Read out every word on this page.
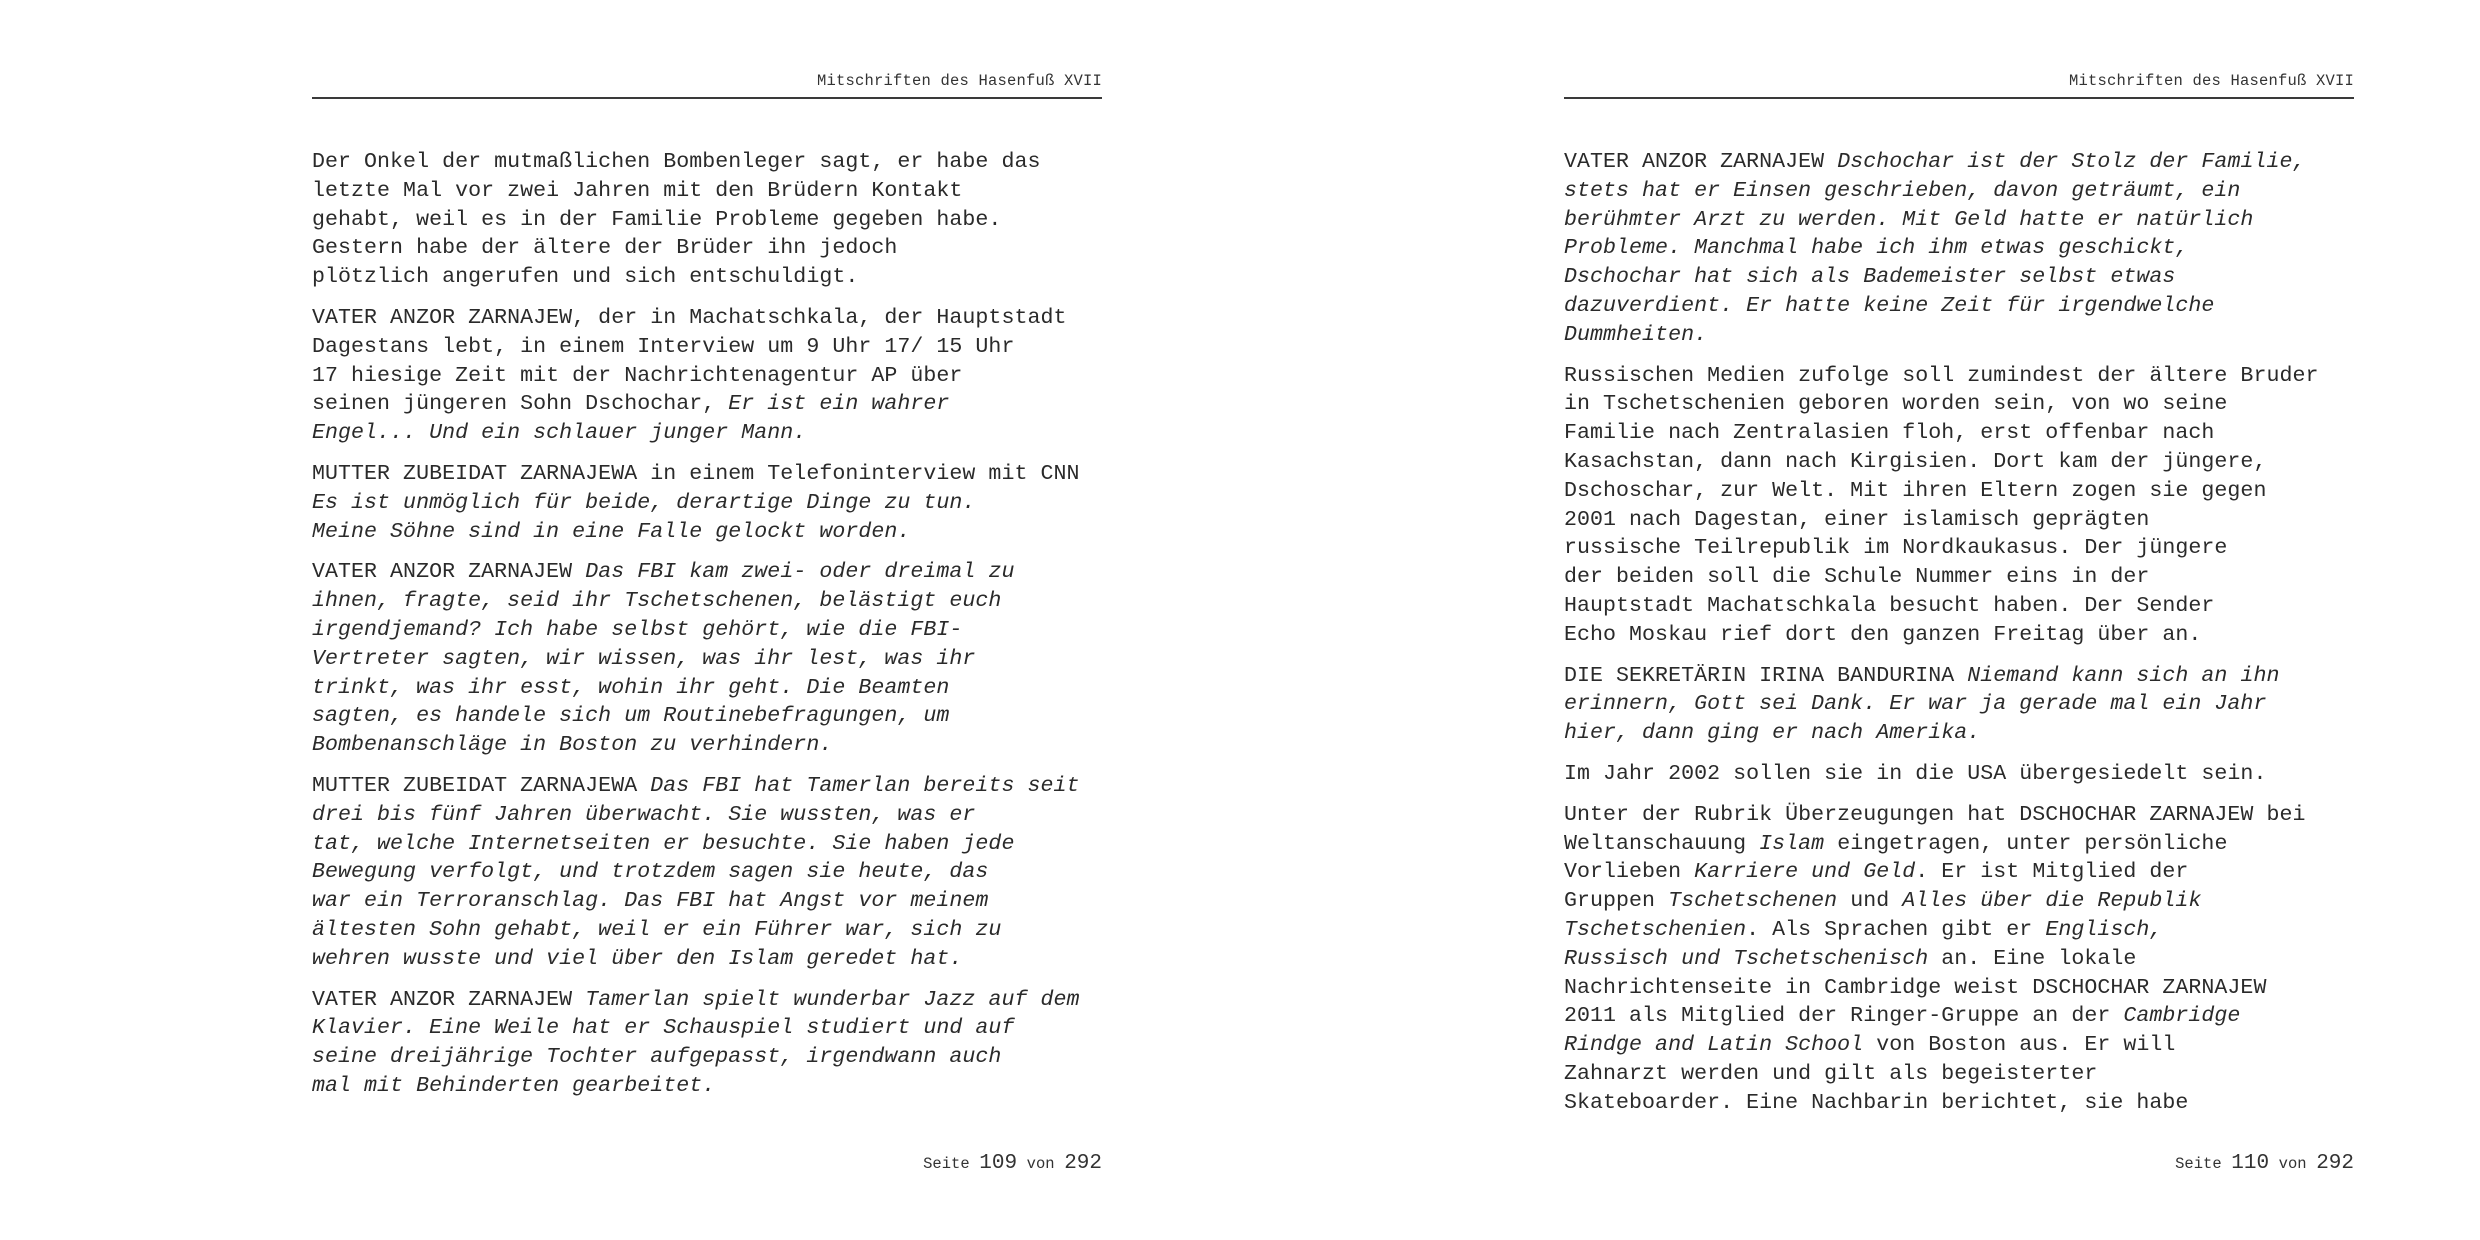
Mitschriften des Hasenfuß XVII
Der Onkel der mutmaßlichen Bombenleger sagt, er habe das
letzte Mal vor zwei Jahren mit den Brüdern Kontakt
gehabt, weil es in der Familie Probleme gegeben habe.
Gestern habe der ältere der Brüder ihn jedoch
plötzlich angerufen und sich entschuldigt.
VATER ANZOR ZARNAJEW, der in Machatschkala, der Hauptstadt
Dagestans lebt, in einem Interview um 9 Uhr 17/ 15 Uhr
17 hiesige Zeit mit der Nachrichtenagentur AP über
seinen jüngeren Sohn Dschochar, Er ist ein wahrer
Engel... Und ein schlauer junger Mann.
MUTTER ZUBEIDAT ZARNAJEWA in einem Telefoninterview mit CNN
Es ist unmöglich für beide, derartige Dinge zu tun.
Meine Söhne sind in eine Falle gelockt worden.
VATER ANZOR ZARNAJEW Das FBI kam zwei- oder dreimal zu
ihnen, fragte, seid ihr Tschetschenen, belästigt euch
irgendjemand? Ich habe selbst gehört, wie die FBI-
Vertreter sagten, wir wissen, was ihr lest, was ihr
trinkt, was ihr esst, wohin ihr geht. Die Beamten
sagten, es handele sich um Routinebefragungen, um
Bombenanschläge in Boston zu verhindern.
MUTTER ZUBEIDAT ZARNAJEWA Das FBI hat Tamerlan bereits seit
drei bis fünf Jahren überwacht. Sie wussten, was er
tat, welche Internetseiten er besuchte. Sie haben jede
Bewegung verfolgt, und trotzdem sagen sie heute, das
war ein Terroranschlag. Das FBI hat Angst vor meinem
ältesten Sohn gehabt, weil er ein Führer war, sich zu
wehren wusste und viel über den Islam geredet hat.
VATER ANZOR ZARNAJEW Tamerlan spielt wunderbar Jazz auf dem
Klavier. Eine Weile hat er Schauspiel studiert und auf
seine dreijährige Tochter aufgepasst, irgendwann auch
mal mit Behinderten gearbeitet.
Seite 109 von 292
Mitschriften des Hasenfuß XVII
VATER ANZOR ZARNAJEW Dschochar ist der Stolz der Familie,
stets hat er Einsen geschrieben, davon geträumt, ein
berühmter Arzt zu werden. Mit Geld hatte er natürlich
Probleme. Manchmal habe ich ihm etwas geschickt,
Dschochar hat sich als Bademeister selbst etwas
dazuverdient. Er hatte keine Zeit für irgendwelche
Dummheiten.
Russischen Medien zufolge soll zumindest der ältere Bruder
in Tschetschenien geboren worden sein, von wo seine
Familie nach Zentralasien floh, erst offenbar nach
Kasachstan, dann nach Kirgisien. Dort kam der jüngere,
Dschoschar, zur Welt. Mit ihren Eltern zogen sie gegen
2001 nach Dagestan, einer islamisch geprägten
russische Teilrepublik im Nordkaukasus. Der jüngere
der beiden soll die Schule Nummer eins in der
Hauptstadt Machatschkala besucht haben. Der Sender
Echo Moskau rief dort den ganzen Freitag über an.
DIE SEKRETÄRIN IRINA BANDURINA Niemand kann sich an ihn
erinnern, Gott sei Dank. Er war ja gerade mal ein Jahr
hier, dann ging er nach Amerika.
Im Jahr 2002 sollen sie in die USA übergesiedelt sein.
Unter der Rubrik Überzeugungen hat DSCHOCHAR ZARNAJEW bei
Weltanschauung Islam eingetragen, unter persönliche
Vorlieben Karriere und Geld. Er ist Mitglied der
Gruppen Tschetschenen und Alles über die Republik
Tschetschenien. Als Sprachen gibt er Englisch,
Russisch und Tschetschenisch an. Eine lokale
Nachrichtenseite in Cambridge weist DSCHOCHAR ZARNAJEW
2011 als Mitglied der Ringer-Gruppe an der Cambridge
Rindge and Latin School von Boston aus. Er will
Zahnarzt werden und gilt als begeisterter
Skateboarder. Eine Nachbarin berichtet, sie habe
Seite 110 von 292
